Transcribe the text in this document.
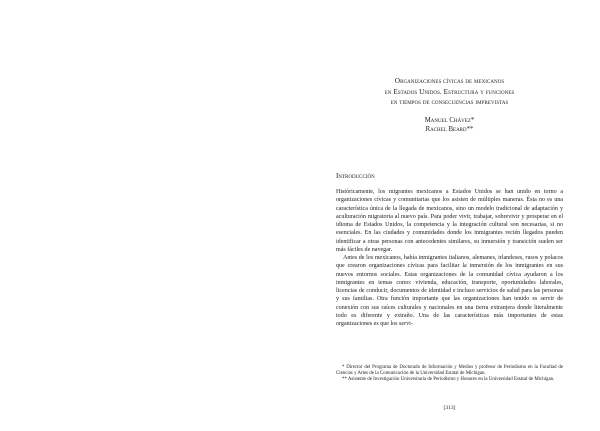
Organizaciones cívicas de mexicanos
en Estados Unidos. Estructura y funciones
en tiempos de consecuencias imprevistas
Manuel Chávez*
Rachel Beard**
Introducción

Históricamente, los migrantes mexicanos a Estados Unidos se han unido en torno a organizaciones cívicas y comunitarias que los asisten de múltiples maneras. Ésta no es una característica única de la llegada de mexicanos, sino un modelo tradicional de adaptación y aculturación migratoria al nuevo país. Para poder vivir, trabajar, sobrevivir y prosperar en el idioma de Estados Unidos, la competencia y la integración cultural son necesarias, si no esenciales. En las ciudades y comunidades donde los inmigrantes recién llegados pueden identificar a otras personas con antecedentes similares, su inmersión y transición suelen ser más fáciles de navegar.

Antes de los mexicanos, había inmigrantes italianos, alemanes, irlandeses, rusos y polacos que crearon organizaciones cívicas para facilitar la inmersión de los inmigrantes en sus nuevos entornos sociales. Estas organizaciones de la comunidad cívica ayudaron a los inmigrantes en temas como: vivienda, educación, transporte, oportunidades laborales, licencias de conducir, documentos de identidad e incluso servicios de salud para las personas y sus familias. Otra función importante que las organizaciones han tenido es servir de conexión con sus raíces culturales y nacionales en una tierra extranjera donde literalmente todo es diferente y extraño. Una de las características más importantes de estas organizaciones es que los servi-

* Director del Programa de Doctorado de Información y Medios y profesor de Periodismo en la Facultad de Ciencias y Artes de la Comunicación de la Universidad Estatal de Michigan.

** Asistente de Investigación Universitaria de Periodismo y Honores en la Universidad Estatal de Michigan.

[313]
